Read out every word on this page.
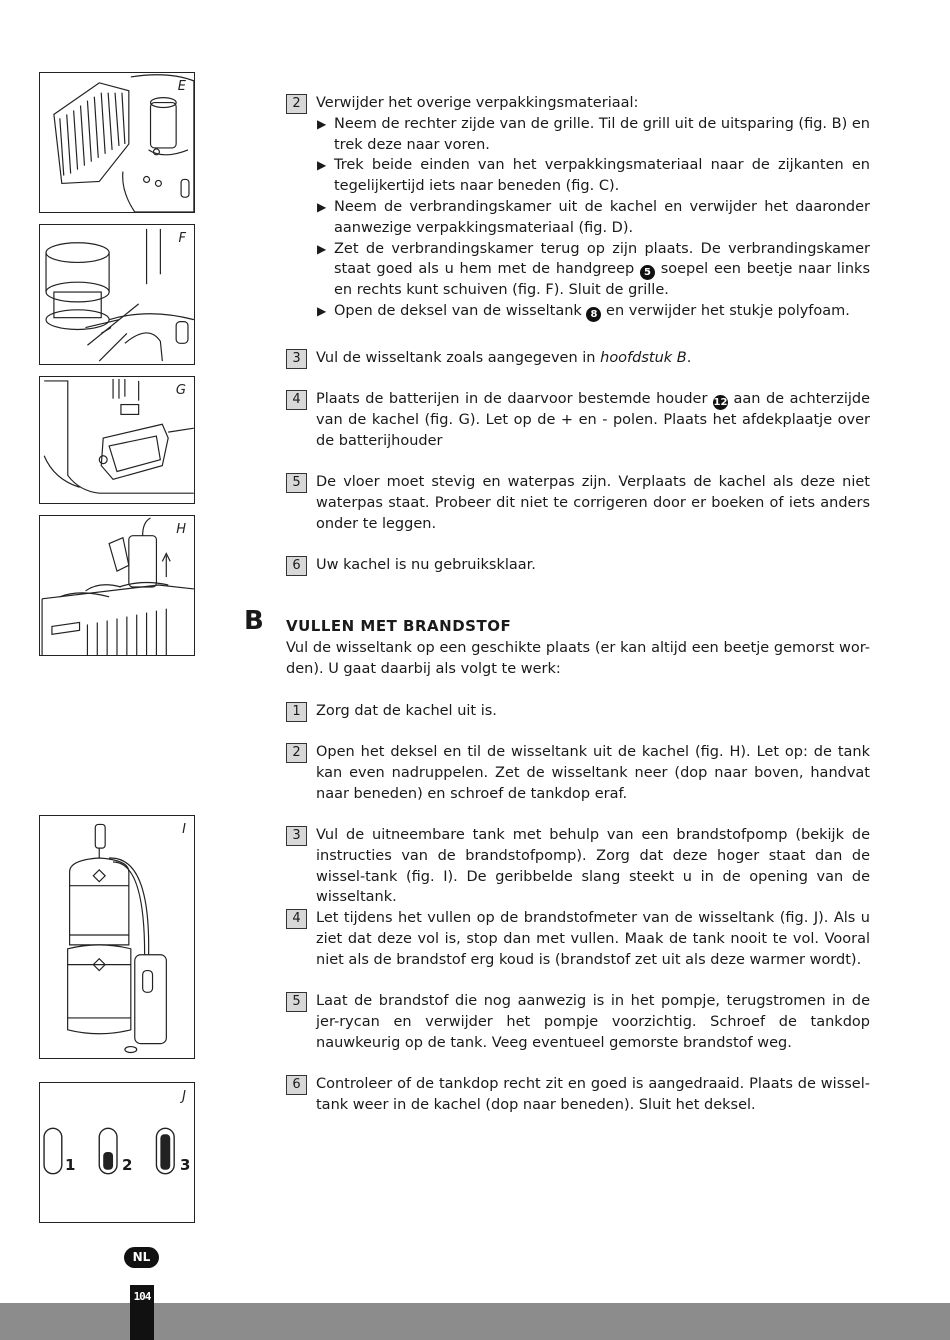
E
F
G
H
I
1	2	3
J
2	Verwijder het overige verpakkingsmateriaal:
▶ Neem de rechter zijde van de grille. Til de grill uit de uitsparing (fig. B) en trek deze naar voren.
▶ Trek beide einden van het verpakkingsmateriaal naar de zijkanten en tegelijkertijd iets naar beneden (fig. C).
▶ Neem de verbrandingskamer uit de kachel en verwijder het daaronder aanwezige verpakkingsmateriaal (fig. D).
▶ Zet de verbrandingskamer terug op zijn plaats. De verbrandingskamer staat goed als u hem met de handgreep 5 soepel een beetje naar links en rechts kunt schuiven (fig. F). Sluit de grille.
▶ Open de deksel van de wisseltank 8 en verwijder het stukje polyfoam.
3	Vul de wisseltank zoals aangegeven in hoofdstuk B.
4	Plaats de batterijen in de daarvoor bestemde houder 12 aan de achterzijde van de kachel (fig. G). Let op de + en - polen. Plaats het afdekplaatje over de batterijhouder
5	De vloer moet stevig en waterpas zijn. Verplaats de kachel als deze niet waterpas staat. Probeer dit niet te corrigeren door er boeken of iets anders onder te leggen.
6	Uw kachel is nu gebruiksklaar.
B VULLEN MET BRANDSTOF
Vul de wisseltank op een geschikte plaats (er kan altijd een beetje gemorst wor-den). U gaat daarbij als volgt te werk:
1	Zorg dat de kachel uit is.
2	Open het deksel en til de wisseltank uit de kachel (fig. H). Let op: de tank kan even nadruppelen. Zet de wisseltank neer (dop naar boven, handvat naar beneden) en schroef de tankdop eraf.
3	Vul de uitneembare tank met behulp van een brandstofpomp (bekijk de instructies van de brandstofpomp). Zorg dat deze hoger staat dan de wissel-tank (fig. I). De geribbelde slang steekt u in de opening van de wisseltank.
4	Let tijdens het vullen op de brandstofmeter van de wisseltank (fig. J). Als u ziet dat deze vol is, stop dan met vullen. Maak de tank nooit te vol. Vooral niet als de brandstof erg koud is (brandstof zet uit als deze warmer wordt).
5	Laat de brandstof die nog aanwezig is in het pompje, terugstromen in de jer-rycan en verwijder het pompje voorzichtig. Schroef de tankdop nauwkeurig op de tank. Veeg eventueel gemorste brandstof weg.
6	Controleer of de tankdop recht zit en goed is aangedraaid. Plaats de wissel-tank weer in de kachel (dop naar beneden). Sluit het deksel.
NL
104
